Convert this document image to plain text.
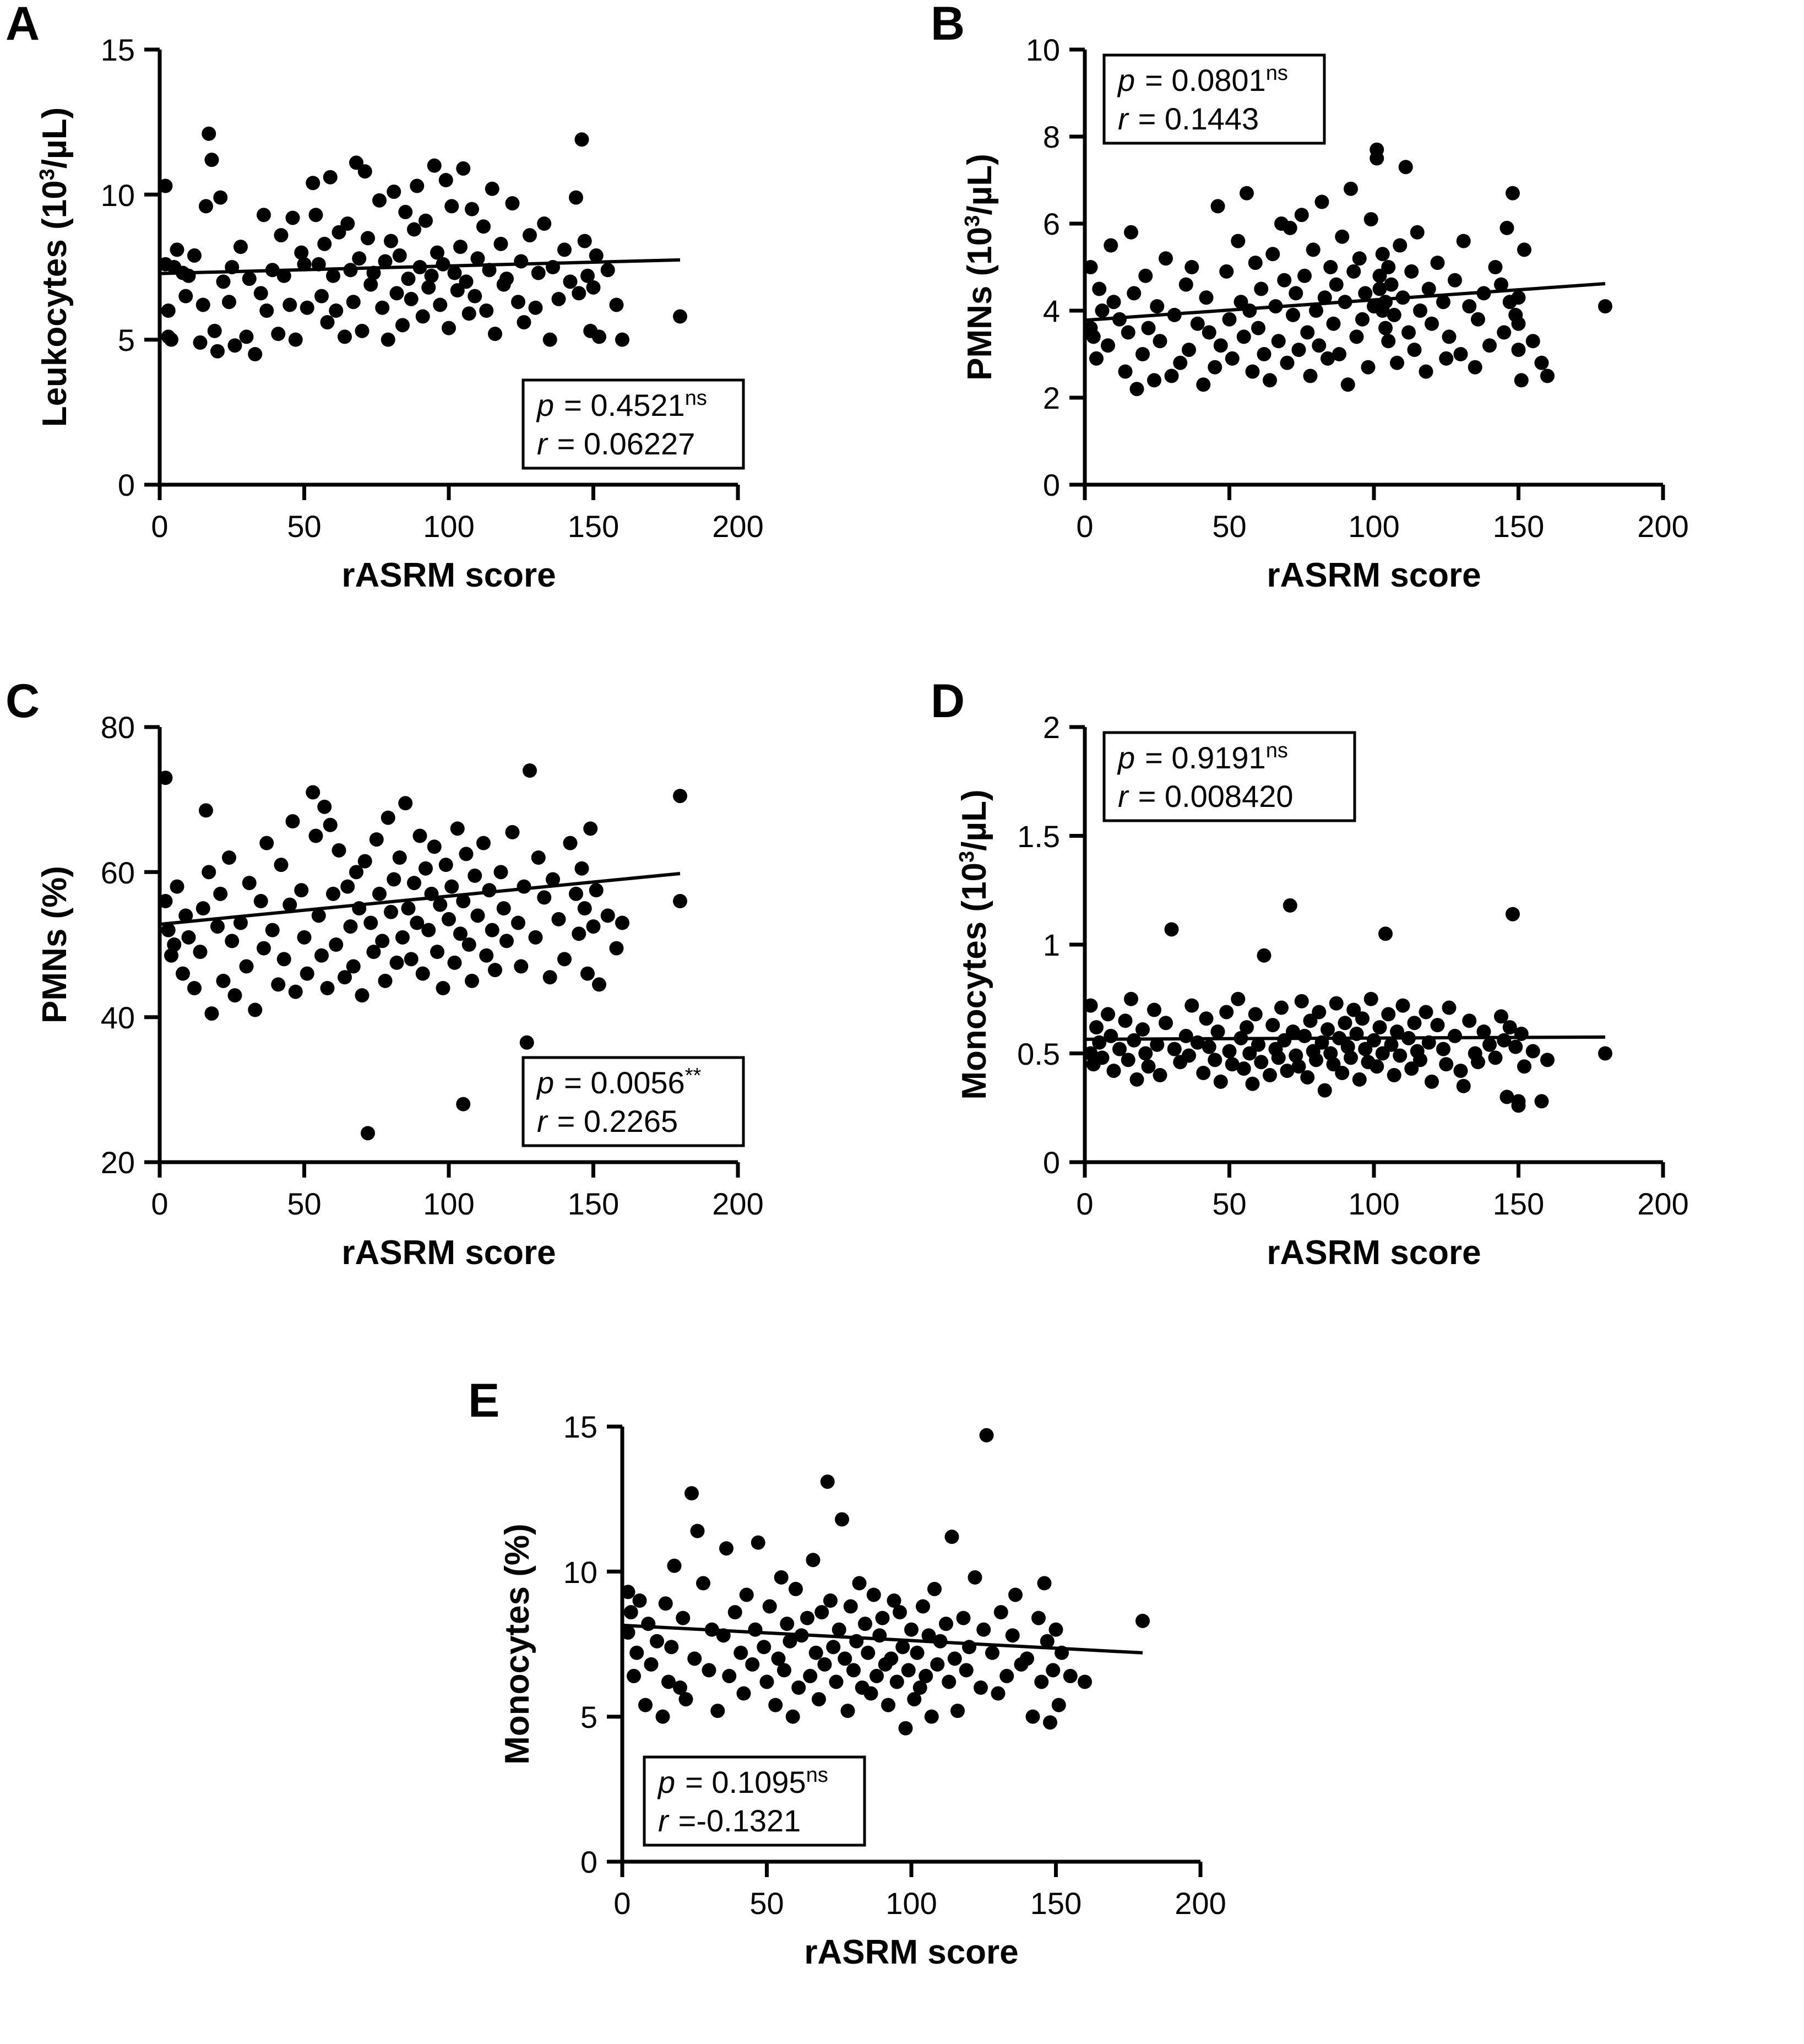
A
0
5
10
15
0	50	100	150	200
rASRM score
Leukocytes $(10^3/\mu L)$
$p = 0.4521^{ns}$
r = 0.06227
B
0
2
4
6
8
10
0	50	100	150	200
rASRM score
PMNs $(10^3/\mu L)$
$p = 0.0801^{ns}$
r = 0.1443
C
20
40
60
80
0	50	100	150	200
rASRM score
PMNs (%)
p = 0.0056**
r = 0.2265
D
0
0.5
1
1.5
2
0	50	100	150	200
rASRM score
Monocytes $(10^3/\mu L)$
$p = 0.9191^{ns}$
r = 0.008420
E
0
5
10
15
0	50	100	150	200
rASRM score
Monocytes (%)
$p = 0.1095^{ns}$
r =-0.1321
